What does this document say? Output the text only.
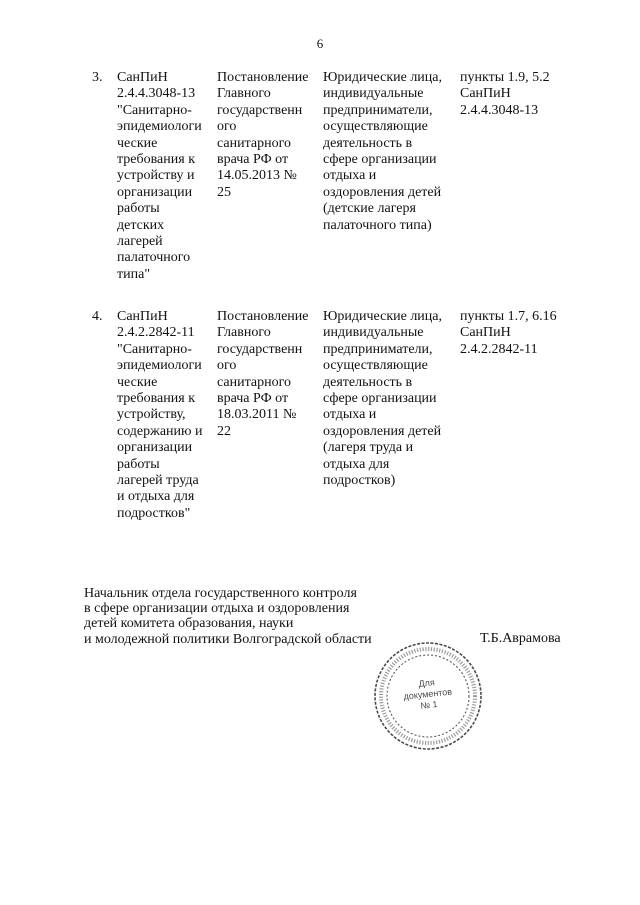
6
3. СанПиН
2.4.4.3048-13
"Санитарно-
эпидемиологи
ческие
требования к
устройству и
организации
работы
детских
лагерей
палаточного
типа"
Постановление
Главного
государственн
ого
санитарного
врача РФ от
14.05.2013 №
25
Юридические лица,
индивидуальные
предприниматели,
осуществляющие
деятельность в
сфере организации
отдыха и
оздоровления детей
(детские лагеря
палаточного типа)
пункты 1.9, 5.2
СанПиН
2.4.4.3048-13
4. СанПиН
2.4.2.2842-11
"Санитарно-
эпидемиологи
ческие
требования к
устройству,
содержанию и
организации
работы
лагерей труда
и отдыха для
подростков"
Постановление
Главного
государственн
ого
санитарного
врача РФ от
18.03.2011 №
22
Юридические лица,
индивидуальные
предприниматели,
осуществляющие
деятельность в
сфере организации
отдыха и
оздоровления детей
(лагеря труда и
отдыха для
подростков)
пункты 1.7, 6.16
СанПиН
2.4.2.2842-11
Начальник отдела государственного контроля
в сфере организации отдыха и оздоровления
детей комитета образования, науки
и молодежной политики Волгоградской области
Длядокументов№ 1
Т.Б.Аврамова
